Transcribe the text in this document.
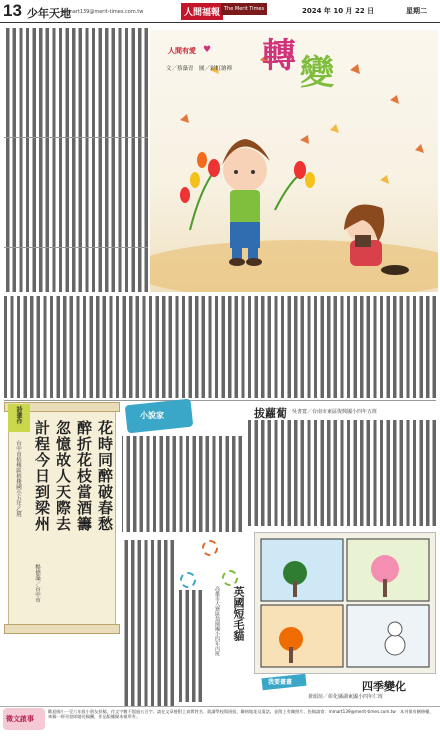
13 少年天地
mmart139@merit-times.com.tw	人間福報 The Merit Times	2024 年 10 月 22 日	星期二
人間有愛 ♥
文／蔡藻青　圖／彩虹繪禪 轉 變
詩畫作
花時同醉破春愁
醉折花枝當酒籌
忽憶故人天際去
計程今日到梁州
台中市梧棲區梧棲國小五年乙班
楊德藻／台中市
小說家	拔蘿蔔 吳書寬／台南市東區復興國小四年五班
英國短毛貓
高雄市大寮區翁園國小四年丙班
四季變化
黃頌瑄／彰化縣湖東國小四年仁班
我要畫畫
徵文啟事
歡迎國小一至六年級小朋友投稿，作文字數不超過五百字。請在文章後附上真實姓名、就讀學校與班級、聯絡地址及電話，並附上有關照片。投稿請寄：mmart139@merit-times.com.tw　本刊保有刪修權，來稿一經刊登即贈送稿酬，作品版權歸本報所有。
